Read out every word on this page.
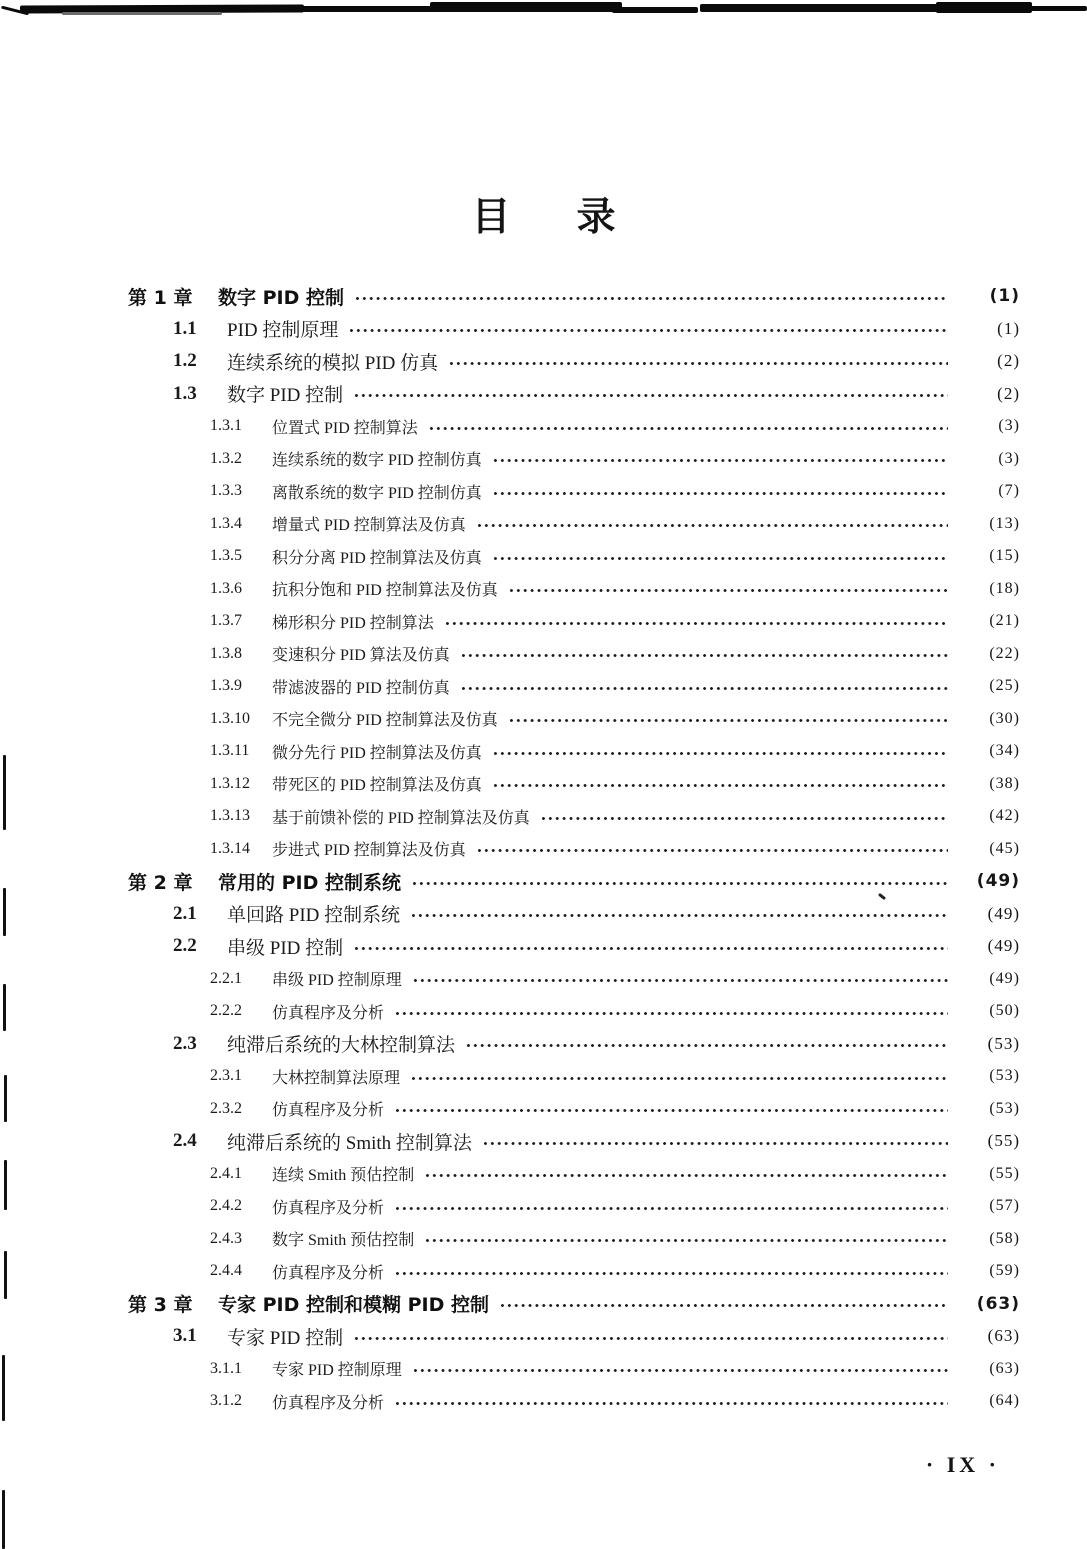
目 录
第 1 章	数字 PID 控制	(1)
1.1	PID 控制原理	(1)
1.2	连续系统的模拟 PID 仿真	(2)
1.3	数字 PID 控制	(2)
1.3.1	位置式 PID 控制算法	(3)
1.3.2	连续系统的数字 PID 控制仿真	(3)
1.3.3	离散系统的数字 PID 控制仿真	(7)
1.3.4	增量式 PID 控制算法及仿真	(13)
1.3.5	积分分离 PID 控制算法及仿真	(15)
1.3.6	抗积分饱和 PID 控制算法及仿真	(18)
1.3.7	梯形积分 PID 控制算法	(21)
1.3.8	变速积分 PID 算法及仿真	(22)
1.3.9	带滤波器的 PID 控制仿真	(25)
1.3.10	不完全微分 PID 控制算法及仿真	(30)
1.3.11	微分先行 PID 控制算法及仿真	(34)
1.3.12	带死区的 PID 控制算法及仿真	(38)
1.3.13	基于前馈补偿的 PID 控制算法及仿真	(42)
1.3.14	步进式 PID 控制算法及仿真	(45)
第 2 章	常用的 PID 控制系统	(49)
2.1	单回路 PID 控制系统	(49)
2.2	串级 PID 控制	(49)
2.2.1	串级 PID 控制原理	(49)
2.2.2	仿真程序及分析	(50)
2.3	纯滞后系统的大林控制算法	(53)
2.3.1	大林控制算法原理	(53)
2.3.2	仿真程序及分析	(53)
2.4	纯滞后系统的 Smith 控制算法	(55)
2.4.1	连续 Smith 预估控制	(55)
2.4.2	仿真程序及分析	(57)
2.4.3	数字 Smith 预估控制	(58)
2.4.4	仿真程序及分析	(59)
第 3 章	专家 PID 控制和模糊 PID 控制	(63)
3.1	专家 PID 控制	(63)
3.1.1	专家 PID 控制原理	(63)
3.1.2	仿真程序及分析	(64)
· IX ·
